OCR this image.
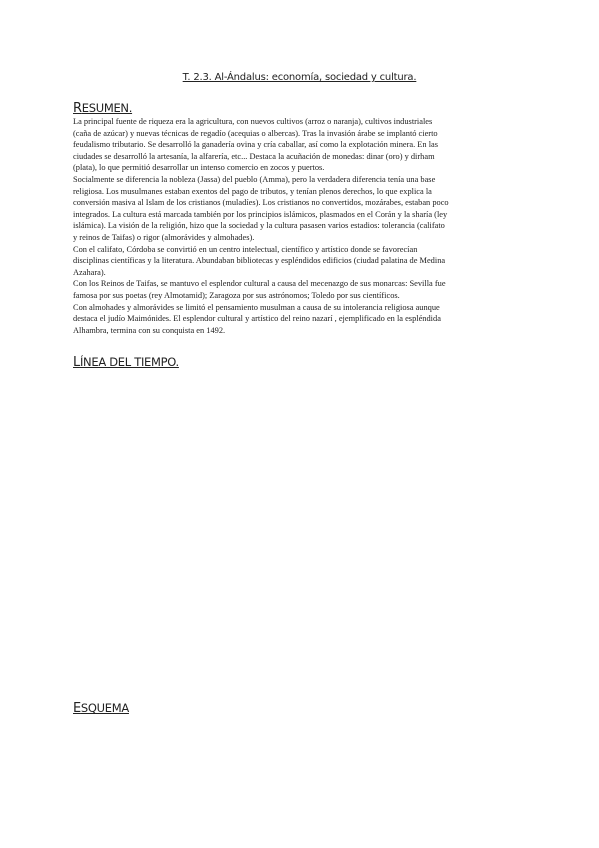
T. 2.3. Al-Ándalus: economía, sociedad y cultura.
RESUMEN.
La principal fuente de riqueza era la agricultura, con nuevos cultivos (arroz o naranja), cultivos industriales
(caña de azúcar) y nuevas técnicas de regadío (acequias o albercas). Tras la invasión árabe se implantó cierto
feudalismo tributario. Se desarrolló la ganadería ovina y cría caballar, así como la explotación minera. En las
ciudades se desarrolló la artesanía, la alfarería, etc... Destaca la acuñación de monedas: dinar (oro) y dirham
(plata), lo que permitió desarrollar un intenso comercio en zocos y puertos.
Socialmente se diferencia la nobleza (Jassa) del pueblo (Amma), pero la verdadera diferencia tenía una base
religiosa. Los musulmanes estaban exentos del pago de tributos, y tenían plenos derechos, lo que explica la
conversión masiva al Islam de los cristianos (muladíes). Los cristianos no convertidos, mozárabes, estaban poco
integrados. La cultura está marcada también por los principios islámicos, plasmados en el Corán y la sharía (ley
islámica). La visión de la religión, hizo que la sociedad y la cultura pasasen varios estadios: tolerancia (califato
y reinos de Taifas) o rigor (almorávides y almohades).
Con el califato, Córdoba se convirtió en un centro intelectual, científico y artístico donde se favorecían
disciplinas científicas y la literatura. Abundaban bibliotecas y espléndidos edificios (ciudad palatina de Medina
Azahara).
Con los Reinos de Taifas, se mantuvo el esplendor cultural a causa del mecenazgo de sus monarcas: Sevilla fue
famosa por sus poetas (rey Almotamid); Zaragoza por sus astrónomos; Toledo por sus científicos.
Con almohades y almorávides se limitó el pensamiento musulman a causa de su intolerancia religiosa aunque
destaca el judío Maimónides. El esplendor cultural y artístico del reino nazarí , ejemplificado en la espléndida
Alhambra, termina con su conquista en 1492.
LÍNEA DEL TIEMPO.
ESQUEMA
